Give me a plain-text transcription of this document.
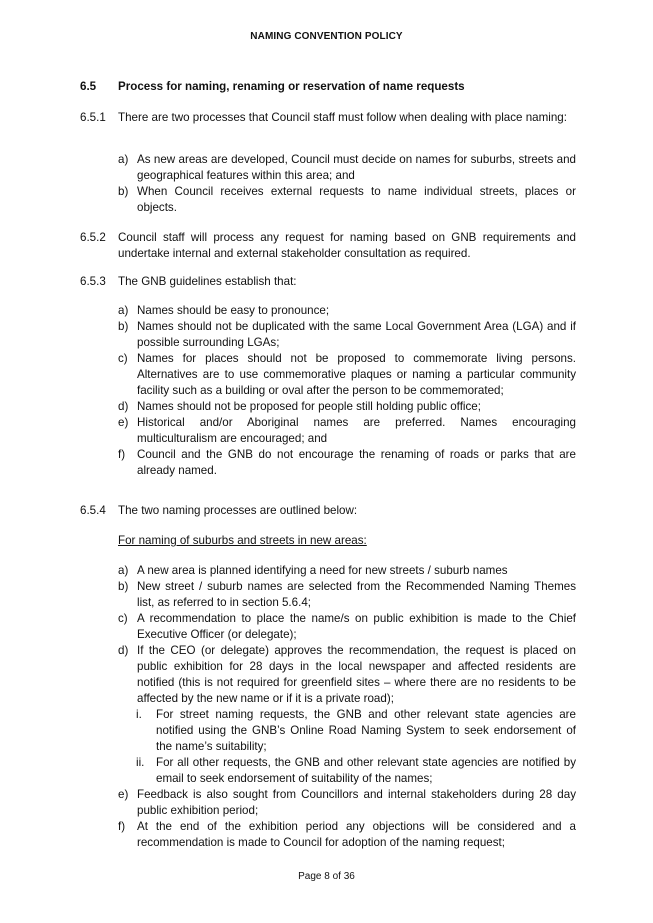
NAMING CONVENTION POLICY
6.5 Process for naming, renaming or reservation of name requests
6.5.1	There are two processes that Council staff must follow when dealing with place naming:
a) As new areas are developed, Council must decide on names for suburbs, streets and geographical features within this area; and
b) When Council receives external requests to name individual streets, places or objects.
6.5.2	Council staff will process any request for naming based on GNB requirements and undertake internal and external stakeholder consultation as required.
6.5.3	The GNB guidelines establish that:
a) Names should be easy to pronounce;
b) Names should not be duplicated with the same Local Government Area (LGA) and if possible surrounding LGAs;
c) Names for places should not be proposed to commemorate living persons. Alternatives are to use commemorative plaques or naming a particular community facility such as a building or oval after the person to be commemorated;
d) Names should not be proposed for people still holding public office;
e) Historical and/or Aboriginal names are preferred. Names encouraging multiculturalism are encouraged; and
f) Council and the GNB do not encourage the renaming of roads or parks that are already named.
6.5.4	The two naming processes are outlined below:
For naming of suburbs and streets in new areas:
a) A new area is planned identifying a need for new streets / suburb names
b) New street / suburb names are selected from the Recommended Naming Themes list, as referred to in section 5.6.4;
c) A recommendation to place the name/s on public exhibition is made to the Chief Executive Officer (or delegate);
d) If the CEO (or delegate) approves the recommendation, the request is placed on public exhibition for 28 days in the local newspaper and affected residents are notified (this is not required for greenfield sites – where there are no residents to be affected by the new name or if it is a private road);
i. For street naming requests, the GNB and other relevant state agencies are notified using the GNB’s Online Road Naming System to seek endorsement of the name’s suitability;
ii. For all other requests, the GNB and other relevant state agencies are notified by email to seek endorsement of suitability of the names;
e) Feedback is also sought from Councillors and internal stakeholders during 28 day public exhibition period;
f) At the end of the exhibition period any objections will be considered and a recommendation is made to Council for adoption of the naming request;
Page 8 of 36
